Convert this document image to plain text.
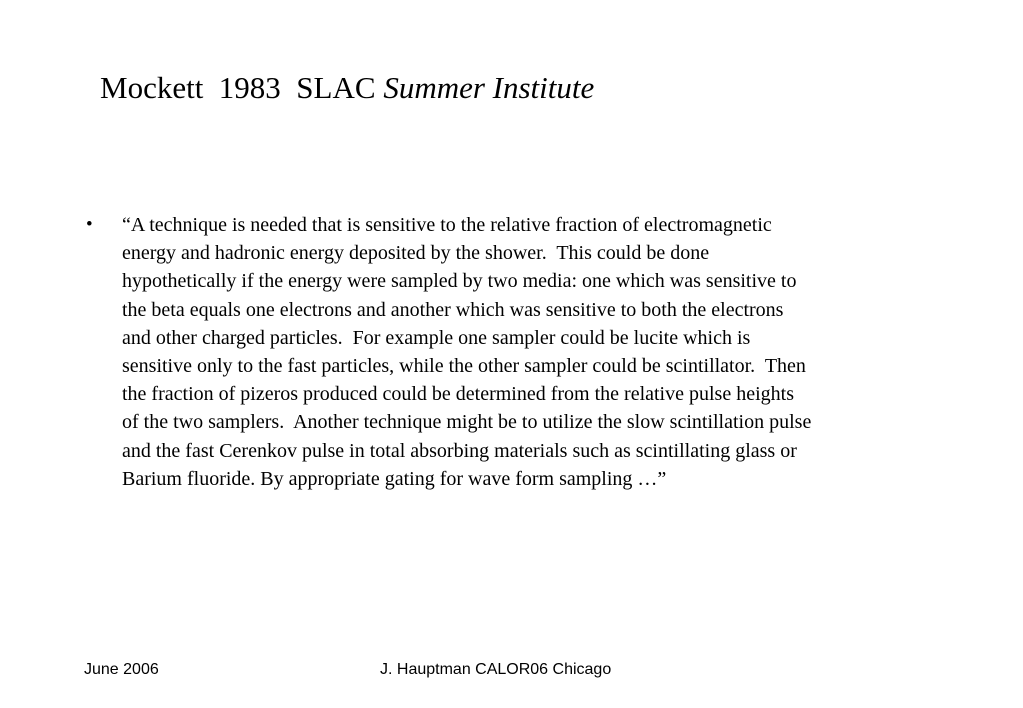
Mockett  1983  SLAC Summer Institute
• “A technique is needed that is sensitive to the relative fraction of electromagnetic
energy and hadronic energy deposited by the shower.  This could be done
hypothetically if the energy were sampled by two media: one which was sensitive to
the beta equals one electrons and another which was sensitive to both the electrons
and other charged particles.  For example one sampler could be lucite which is
sensitive only to the fast particles, while the other sampler could be scintillator.  Then
the fraction of pizeros produced could be determined from the relative pulse heights
of the two samplers.  Another technique might be to utilize the slow scintillation pulse
and the fast Cerenkov pulse in total absorbing materials such as scintillating glass or
Barium fluoride. By appropriate gating for wave form sampling …”
June 2006	J. Hauptman CALOR06 Chicago
